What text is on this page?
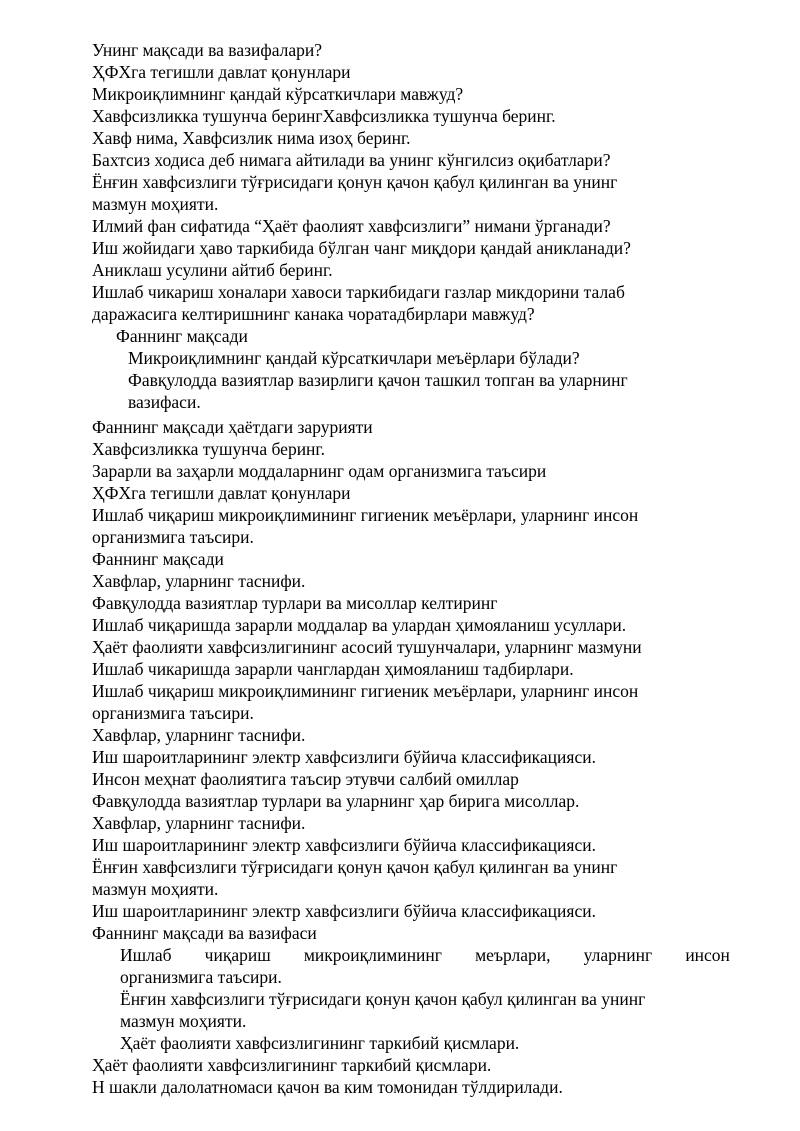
Унинг мақсади ва вазифалари?
ҲФХга тегишли давлат қонунлари
Микроиқлимнинг қандай кўрсаткичлари мавжуд?
Хавфсизликка тушунча берингХавфсизликка тушунча беринг.
Хавф нима, Хавфсизлик нима изоҳ беринг.
Бахтсиз ходиса деб нимага айтилади ва унинг кўнгилсиз оқибатлари?
Ёнғин хавфсизлиги тўғрисидаги қонун қачон қабул қилинган ва унинг
мазмун моҳияти.
Илмий фан сифатида “Ҳаёт фаолият хавфсизлиги” нимани ўрганади?
Иш жойидаги ҳаво таркибида бўлган чанг миқдори қандай аникланади?
Аниклаш усулини айтиб беринг.
Ишлаб чикариш хоналари хавоси таркибидаги газлар микдорини талаб
даражасига келтиришнинг канака чоратадбирлари мавжуд?
Фаннинг мақсади
Микроиқлимнинг қандай кўрсаткичлари меъёрлари бўлади?
Фавқулодда вазиятлар вазирлиги қачон ташкил топган ва уларнинг
вазифаси.
Фаннинг мақсади ҳаётдаги зарурияти
Хавфсизликка тушунча беринг.
Зарарли ва заҳарли моддаларнинг одам организмига таъсири
ҲФХга тегишли давлат қонунлари
Ишлаб чиқариш микроиқлимининг гигиеник меъёрлари, уларнинг инсон
организмига таъсири.
Фаннинг мақсади
Хавфлар, уларнинг таснифи.
Фавқулодда вазиятлар турлари ва мисоллар келтиринг
Ишлаб чиқаришда зарарли моддалар ва улардан ҳимояланиш усуллари.
Ҳаёт фаолияти хавфсизлигининг асосий тушунчалари, уларнинг мазмуни
Ишлаб чикаришда зарарли чанглардан ҳимояланиш тадбирлари.
Ишлаб чиқариш микроиқлимининг гигиеник меъёрлари, уларнинг инсон
организмига таъсири.
Хавфлар, уларнинг таснифи.
Иш шароитларининг электр хавфсизлиги бўйича классификацияси.
Инсон меҳнат фаолиятига таъсир этувчи салбий омиллар
Фавқулодда вазиятлар турлари ва уларнинг ҳар бирига мисоллар.
Хавфлар, уларнинг таснифи.
Иш шароитларининг электр хавфсизлиги бўйича классификацияси.
Ёнғин хавфсизлиги тўғрисидаги қонун қачон қабул қилинган ва унинг
мазмун моҳияти.
Иш шароитларининг электр хавфсизлиги бўйича классификацияси.
Фаннинг мақсади ва вазифаси
Ишлаб чиқариш микроиқлимининг меърлари, уларнинг инсон
организмига таъсири.
Ёнғин хавфсизлиги тўғрисидаги қонун қачон қабул қилинган ва унинг
мазмун моҳияти.
Ҳаёт фаолияти хавфсизлигининг таркибий қисмлари.
Ҳаёт фаолияти хавфсизлигининг таркибий қисмлари.
Н шакли далолатномаси қачон ва ким томонидан тўлдирилади.
